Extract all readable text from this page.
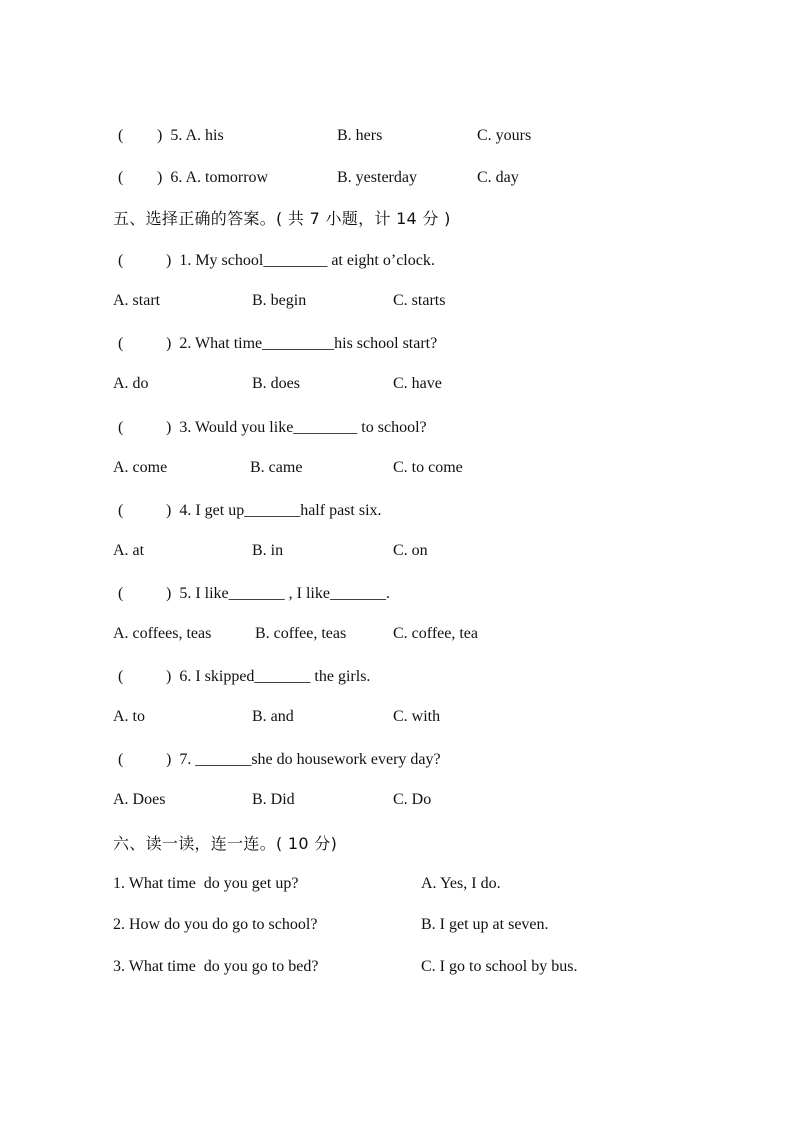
(

)  5. A. his

	B. hers

	C. yours

(

)  6. A. tomorrow

	B. yesterday

	C. day

五、选择正确的答案。( 共 7 小题，计 14 分 )

(

	)  1. My school________ at eight o’clock.

A. start

	B. begin

	C. starts

(

	)  2. What time_________his school start?

A. do

	B. does

	C. have

(

	)  3. Would you like________ to school?

A. come

	B. came

	C. to come

(

	)  4. I get up_______half past six.

A. at

	B. in

	C. on

(

	)  5. I like_______ , I like_______.

A. coffees, teas

	B. coffee, teas

	C. coffee, tea

(

	)  6. I skipped_______ the girls.

A. to

	B. and

	C. with

(

	)  7. _______she do housework every day?

A. Does

	B. Did

	C. Do

六、读一读，连一连。( 10 分)

1. What time  do you get up?

	A. Yes, I do.

2. How do you do go to school?

	B. I get up at seven.

3. What time  do you go to bed?

	C. I go to school by bus.
